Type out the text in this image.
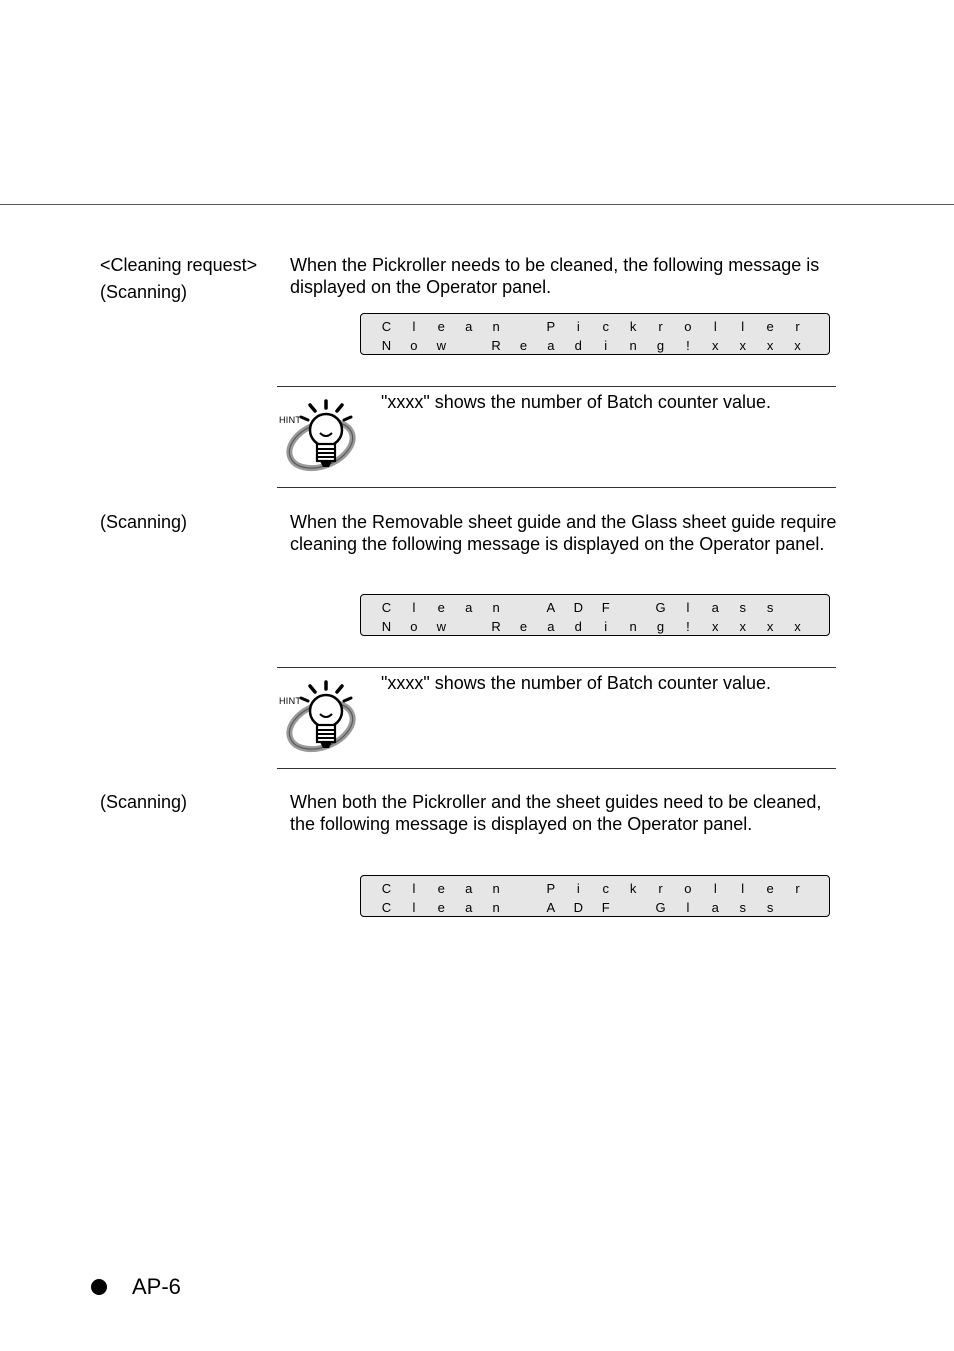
<Cleaning request>
(Scanning)
When the Pickroller needs to be cleaned, the following message is displayed on the Operator panel.
C	l	e	a	n	P	i	c	k	r	o	l	l	e	r
N	o	w	R	e	a	d	i	n	g	!	x	x	x	x
HINT
"xxxx" shows the number of Batch counter value.
(Scanning)	When the Removable sheet guide and the Glass sheet guide require cleaning the following message is displayed on the Operator panel.
C	l	e	a	n	A	D	F	G	l	a	s	s
N	o	w	R	e	a	d	i	n	g	!	x	x	x	x
HINT
"xxxx" shows the number of Batch counter value.
(Scanning)	When both the Pickroller and the sheet guides need to be cleaned, the following message is displayed on the Operator panel.
C	l	e	a	n	P	i	c	k	r	o	l	l	e	r
C	l	e	a	n	A	D	F	G	l	a	s	s
AP-6
